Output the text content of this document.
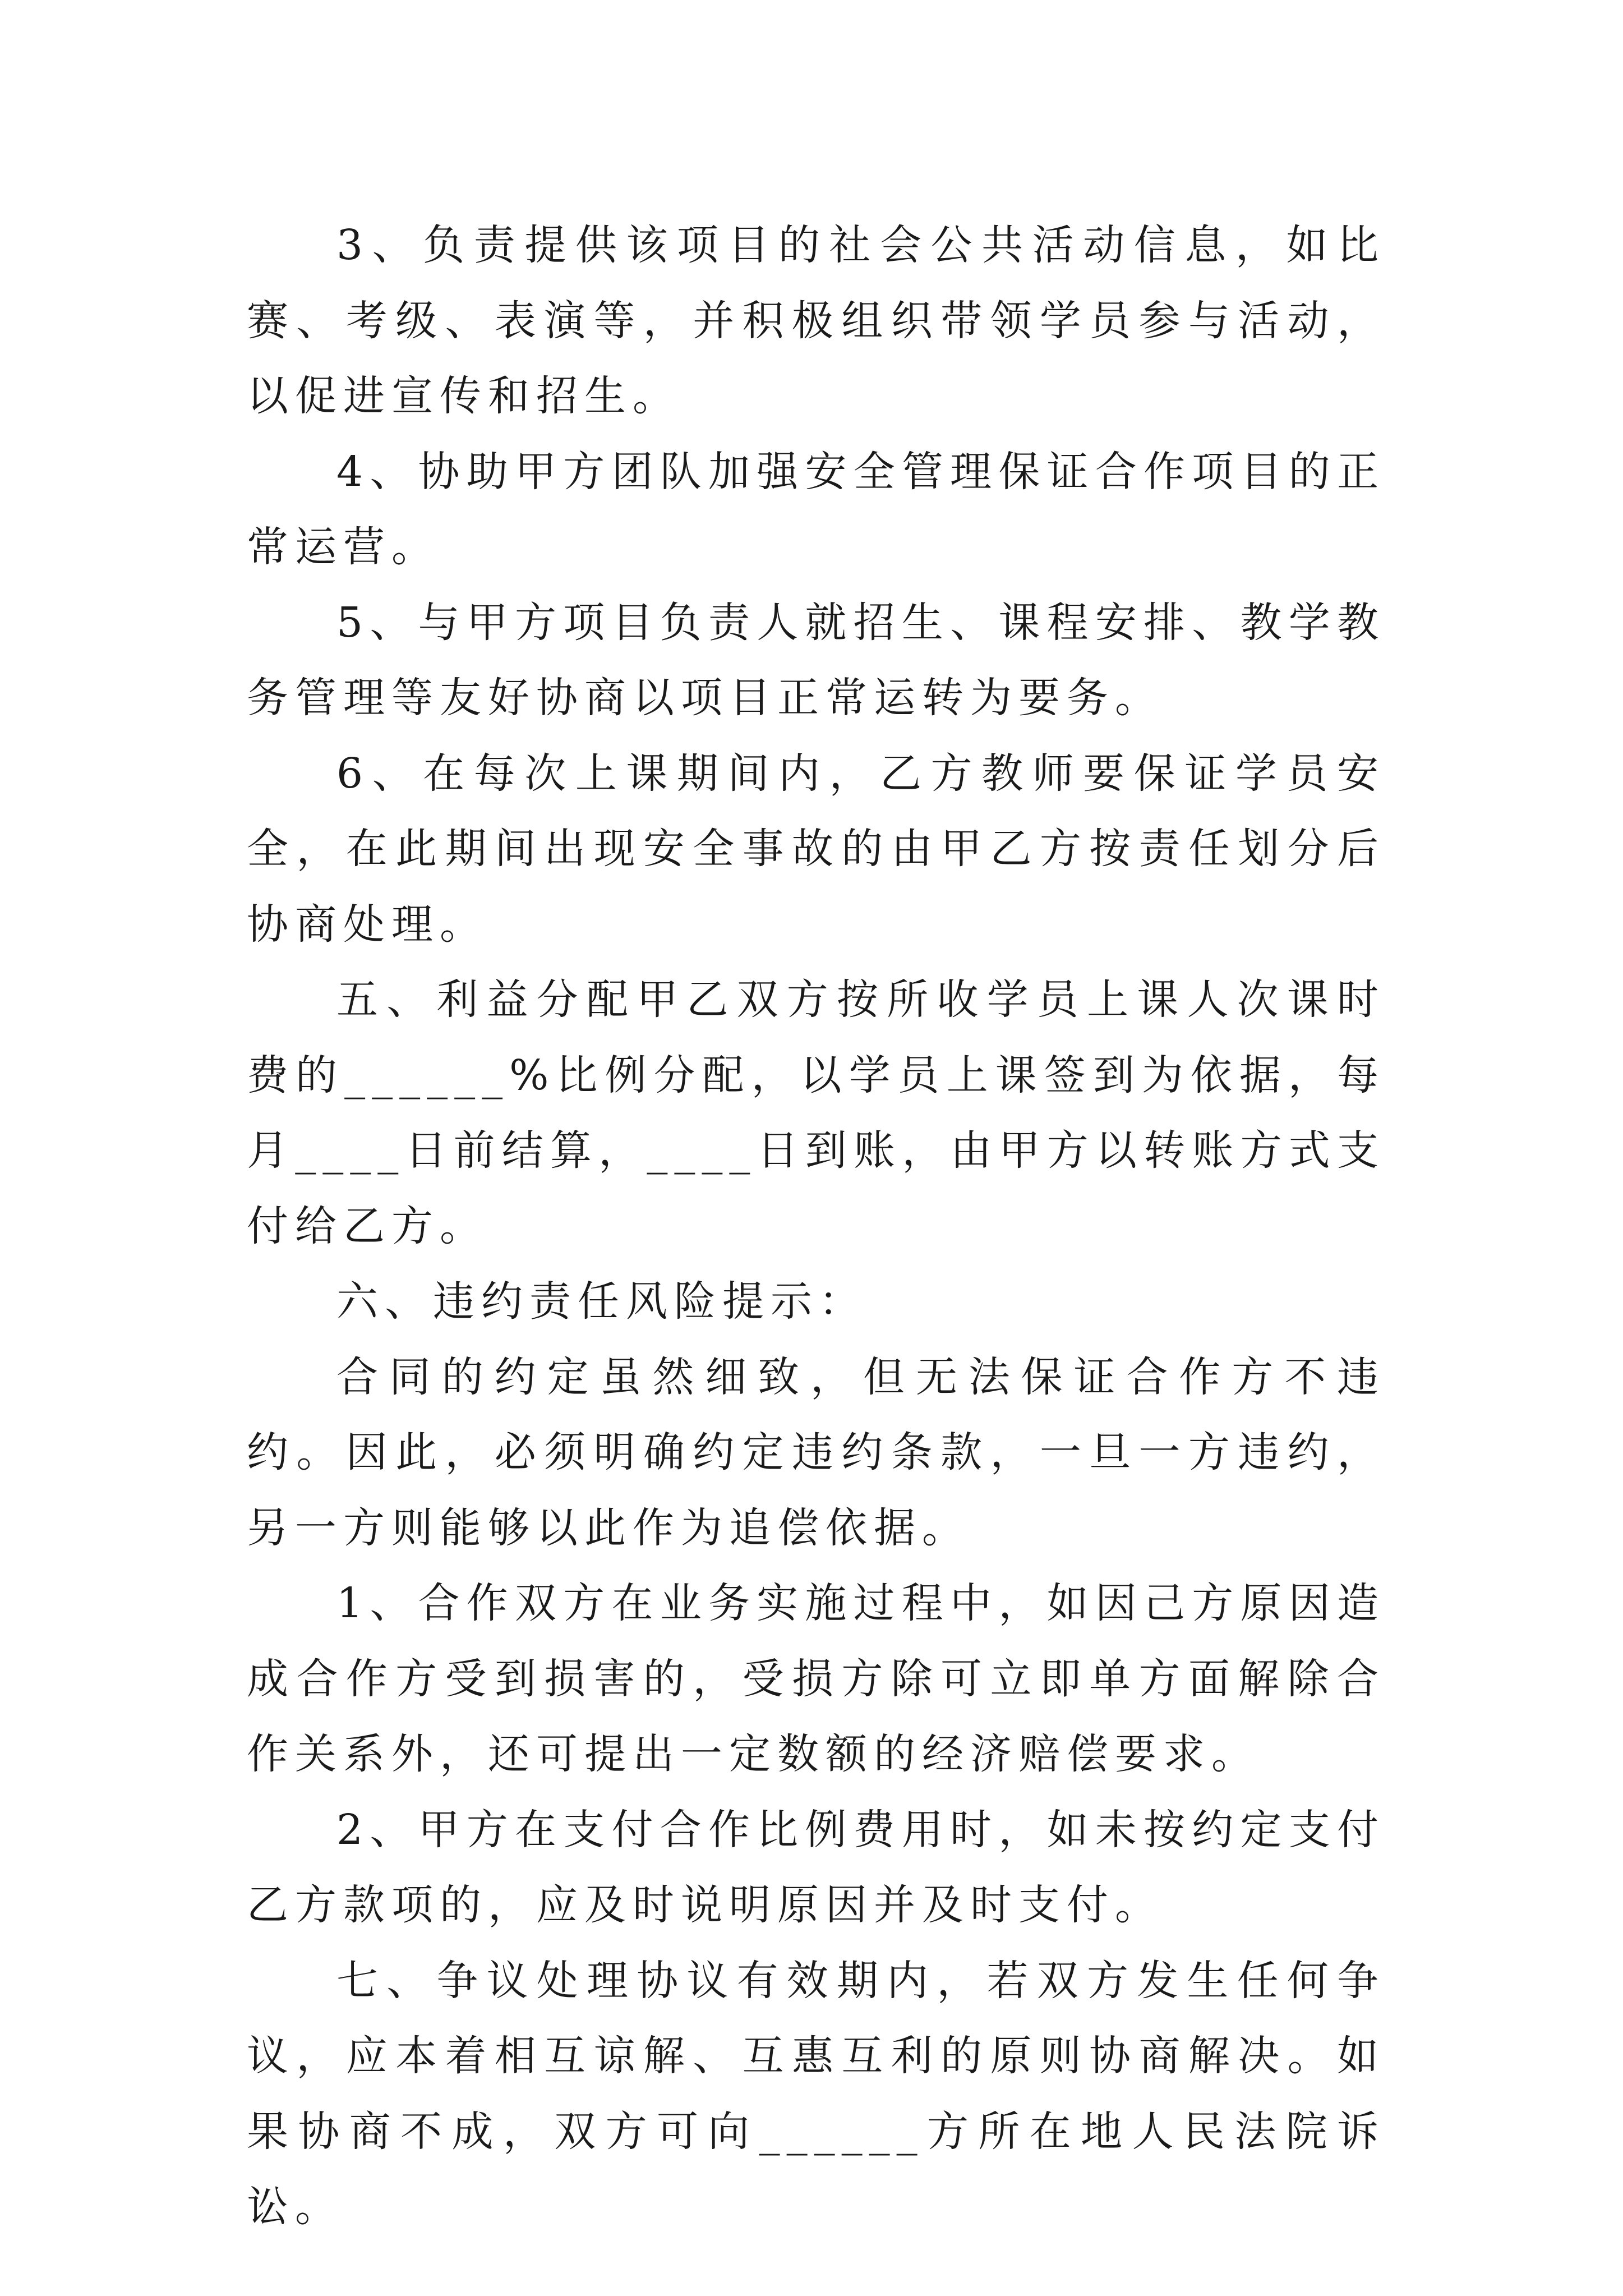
3、负责提供该项目的社会公共活动信息，如比赛、考级、表演等，并积极组织带领学员参与活动，以促进宣传和招生。

4、协助甲方团队加强安全管理保证合作项目的正常运营。

5、与甲方项目负责人就招生、课程安排、教学教务管理等友好协商以项目正常运转为要务。

6、在每次上课期间内，乙方教师要保证学员安全，在此期间出现安全事故的由甲乙方按责任划分后协商处理。

五、利益分配甲乙双方按所收学员上课人次课时费的______%比例分配，以学员上课签到为依据，每月____日前结算，____日到账，由甲方以转账方式支付给乙方。

六、违约责任风险提示：

合同的约定虽然细致，但无法保证合作方不违约。因此，必须明确约定违约条款，一旦一方违约，另一方则能够以此作为追偿依据。

1、合作双方在业务实施过程中，如因己方原因造成合作方受到损害的，受损方除可立即单方面解除合作关系外，还可提出一定数额的经济赔偿要求。

2、甲方在支付合作比例费用时，如未按约定支付乙方款项的，应及时说明原因并及时支付。

七、争议处理协议有效期内，若双方发生任何争议，应本着相互谅解、互惠互利的原则协商解决。如果协商不成，双方可向______方所在地人民法院诉讼。
